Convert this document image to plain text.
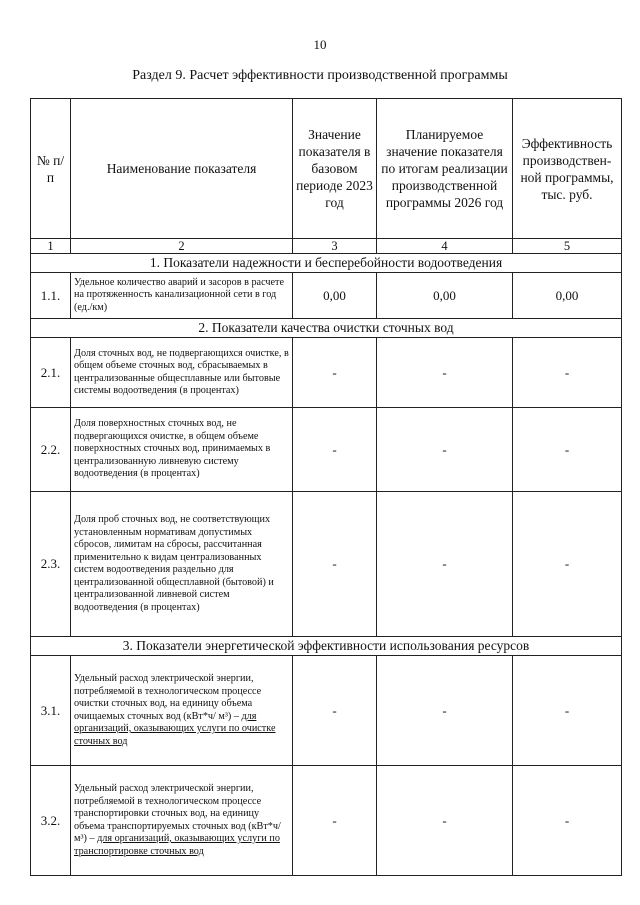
10
Раздел 9. Расчет эффективности производственной программы
№ п/п	Наименование показателя	Значение показателя в базовом периоде 2023 год	Планируемое значение показателя по итогам реализации производственной программы 2026 год	Эффективность производствен-ной программы, тыс. руб.
1	2	3	4	5
1. Показатели надежности и бесперебойности водоотведения				
1.1.	Удельное количество аварий и засоров в расчете на протяженность канализационной сети в год (ед./км)	0,00	0,00	0,00
2. Показатели качества очистки сточных вод				
2.1.	Доля сточных вод, не подвергающихся очистке, в общем объеме сточных вод, сбрасываемых в централизованные общесплавные или бытовые системы водоотведения (в процентах)	-	-	-
2.2.	Доля поверхностных сточных вод, не подвергающихся очистке, в общем объеме поверхностных сточных вод, принимаемых в централизованную ливневую систему водоотведения (в процентах)	-	-	-
2.3.	Доля проб сточных вод, не соответствующих установленным нормативам допустимых сбросов, лимитам на сбросы, рассчитанная применительно к видам централизованных систем водоотведения раздельно для централизованной общесплавной (бытовой) и централизованной ливневой систем водоотведения (в процентах)	-	-	-
3. Показатели энергетической эффективности использования ресурсов				
3.1.	Удельный расход электрической энергии, потребляемой в технологическом процессе очистки сточных вод, на единицу объема очищаемых сточных вод (кВт*ч/ м³) – для организаций, оказывающих услуги по очистке сточных вод	-	-	-
3.2.	Удельный расход электрической энергии, потребляемой в технологическом процессе транспортировки сточных вод, на единицу объема транспортируемых сточных вод (кВт*ч/ м³) – для организаций, оказывающих услуги по транспортировке сточных вод	-	-	-
